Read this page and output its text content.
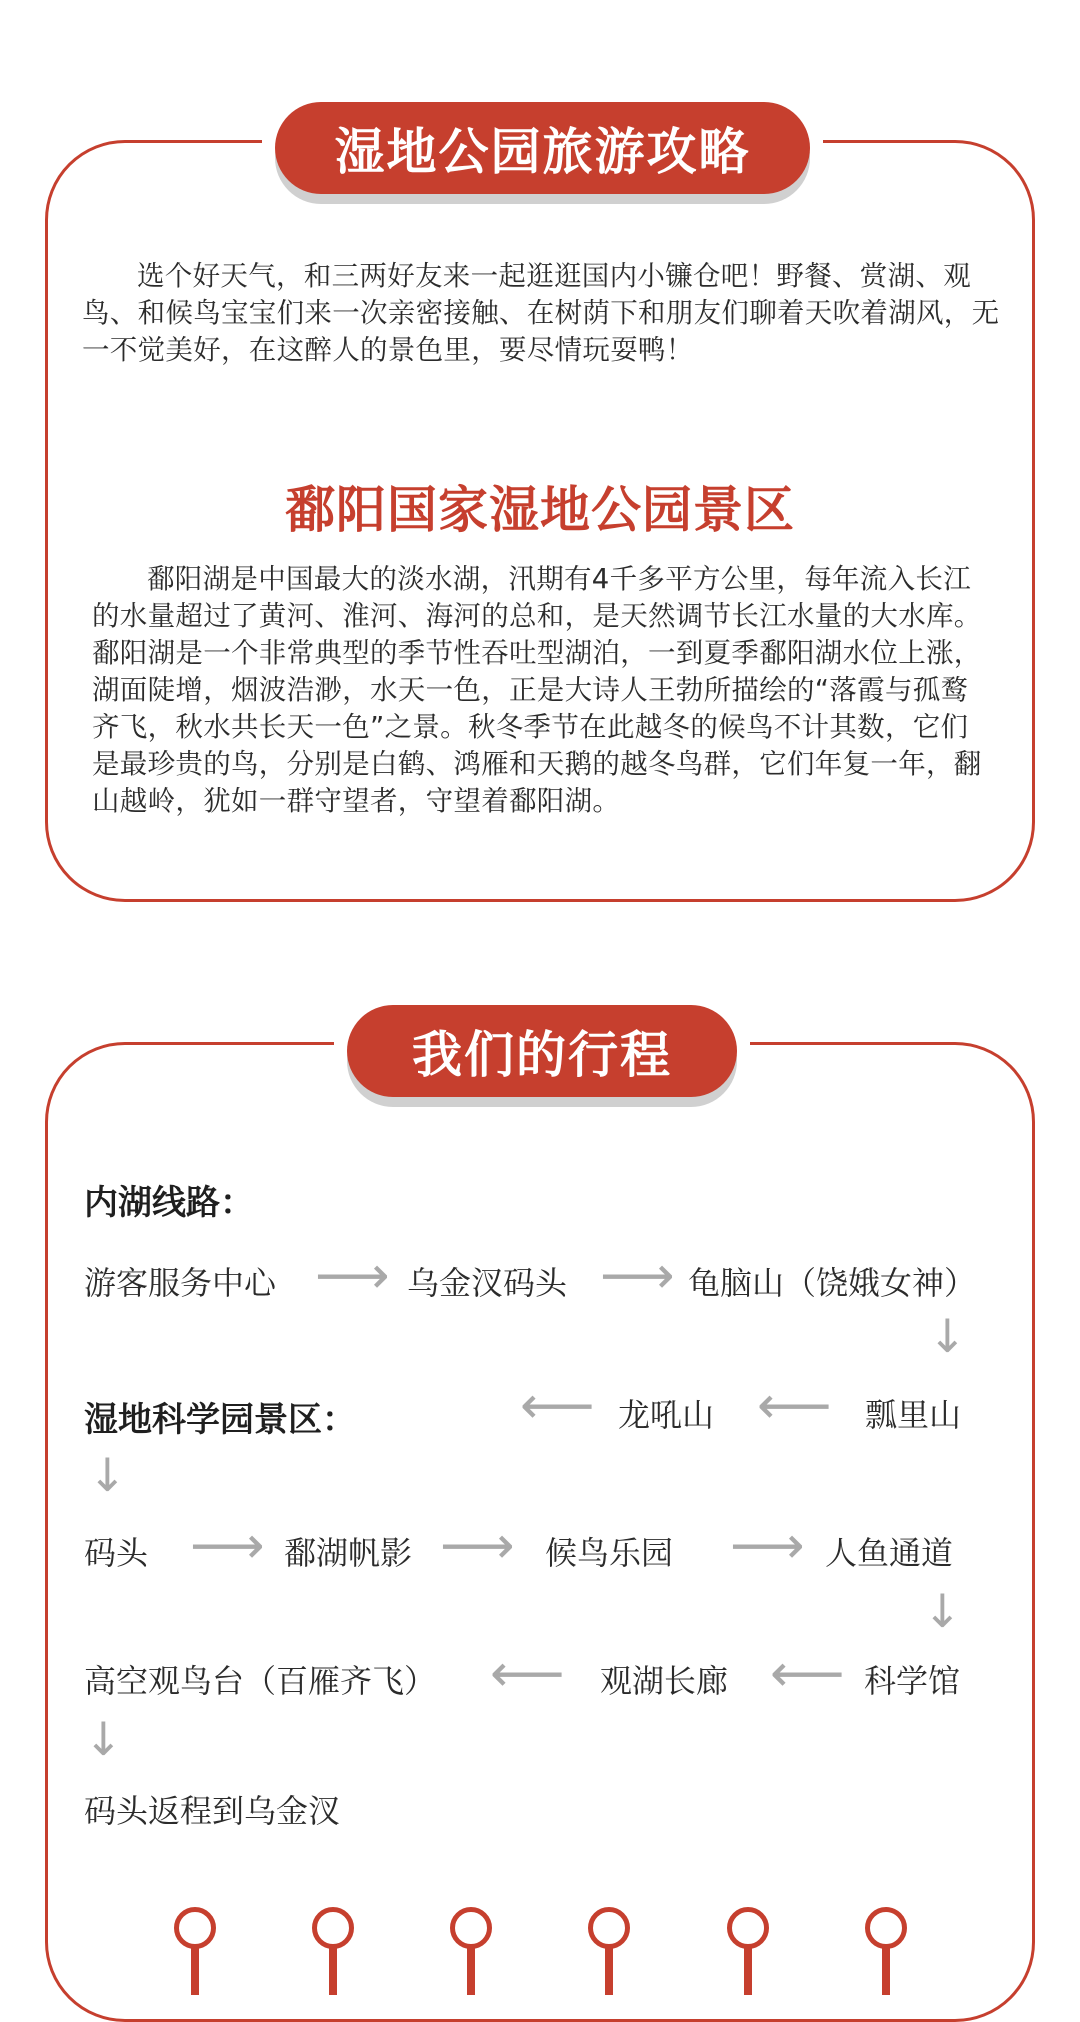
湿地公园旅游攻略

选个好天气，和三两好友来一起逛逛国内小镰仓吧！野餐、赏湖、观鸟、和候鸟宝宝们来一次亲密接触、在树荫下和朋友们聊着天吹着湖风，无一不觉美好，在这醉人的景色里，要尽情玩耍鸭！

鄱阳国家湿地公园景区

鄱阳湖是中国最大的淡水湖，汛期有4千多平方公里，每年流入长江的水量超过了黄河、淮河、海河的总和，是天然调节长江水量的大水库。鄱阳湖是一个非常典型的季节性吞吐型湖泊，一到夏季鄱阳湖水位上涨，湖面陡增，烟波浩渺，水天一色，正是大诗人王勃所描绘的“落霞与孤鹜齐飞，秋水共长天一色”之景。秋冬季节在此越冬的候鸟不计其数，它们是最珍贵的鸟，分别是白鹤、鸿雁和天鹅的越冬鸟群，它们年复一年，翻山越岭，犹如一群守望者，守望着鄱阳湖。

我们的行程
内湖线路：
游客服务中心 ⟶ 乌金汊码头 ⟶ 龟脑山（饶娥女神）
↓
湿地科学园景区：	⟵ 龙吼山 ⟵ 瓢里山
↓
码头 ⟶ 鄱湖帆影 ⟶ 候鸟乐园 ⟶ 人鱼通道
↓
高空观鸟台（百雁齐飞） ⟵ 观湖长廊 ⟵ 科学馆
↓
码头返程到乌金汊
